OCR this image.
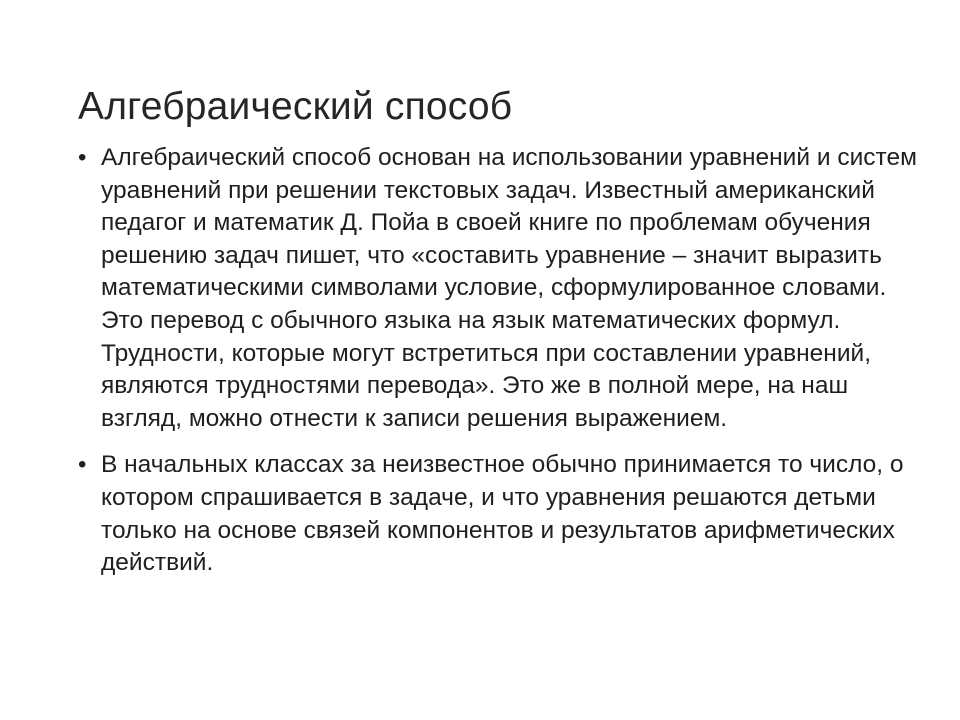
Алгебраический способ
• Алгебраический способ основан на использовании уравнений и систем уравнений при решении текстовых задач. Известный американский педагог и математик Д. Пойа в своей книге по проблемам обучения решению задач пишет, что «составить уравнение – значит выразить математическими символами условие, сформулированное словами. Это перевод с обычного языка на язык математических формул. Трудности, которые могут встретиться при составлении уравнений, являются трудностями перевода». Это же в полной мере, на наш взгляд, можно отнести к записи решения выражением.
• В начальных классах за неизвестное обычно принимается то число, о котором спрашивается в задаче, и что уравнения решаются детьми только на основе связей компонентов и результатов арифметических действий.
